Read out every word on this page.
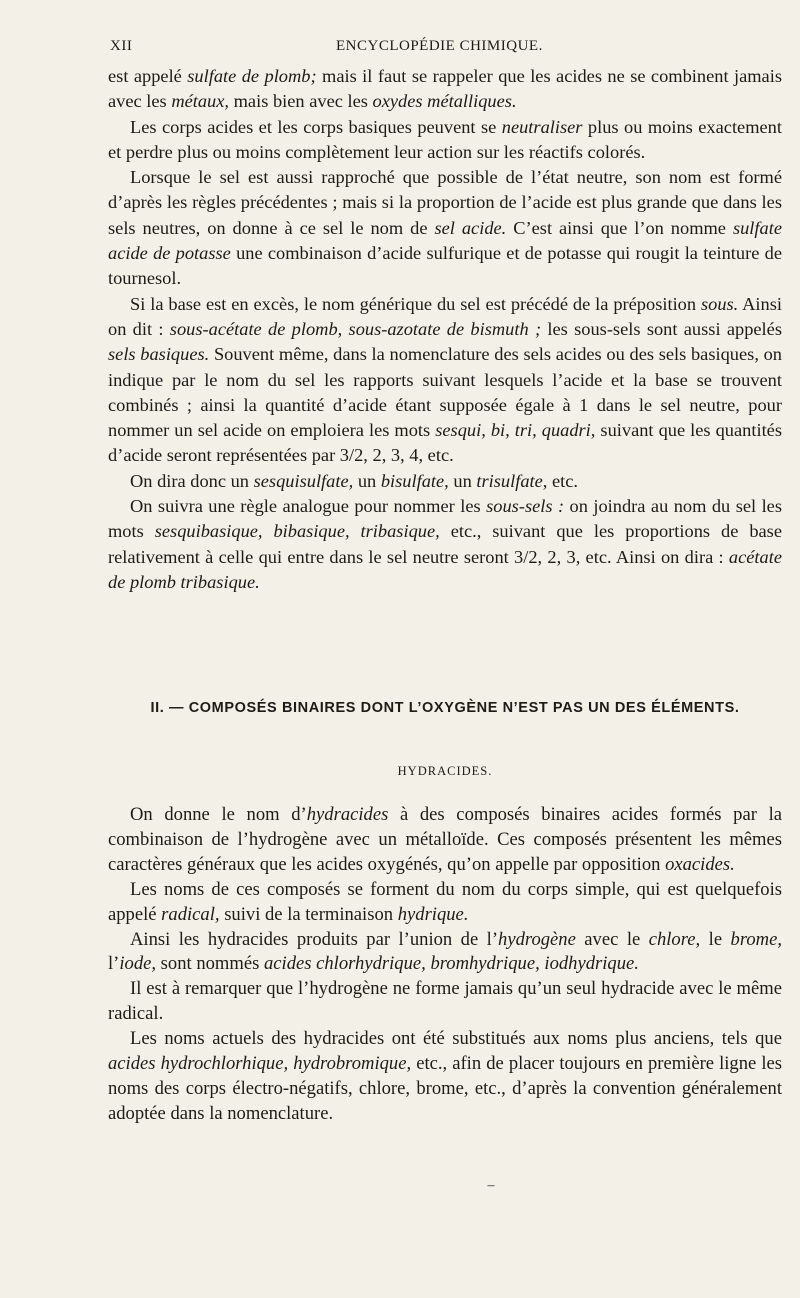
XII	ENCYCLOPÉDIE CHIMIQUE.

est appelé sulfate de plomb; mais il faut se rappeler que les acides ne se combinent jamais avec les métaux, mais bien avec les oxydes métalliques.

Les corps acides et les corps basiques peuvent se neutraliser plus ou moins exactement et perdre plus ou moins complètement leur action sur les réactifs colorés.

Lorsque le sel est aussi rapproché que possible de l’état neutre, son nom est formé d’après les règles précédentes ; mais si la proportion de l’acide est plus grande que dans les sels neutres, on donne à ce sel le nom de sel acide. C’est ainsi que l’on nomme sulfate acide de potasse une combinaison d’acide sulfurique et de potasse qui rougit la teinture de tournesol.

Si la base est en excès, le nom générique du sel est précédé de la préposition sous. Ainsi on dit : sous-acétate de plomb, sous-azotate de bismuth ; les sous-sels sont aussi appelés sels basiques. Souvent même, dans la nomenclature des sels acides ou des sels basiques, on indique par le nom du sel les rapports suivant lesquels l’acide et la base se trouvent combinés ; ainsi la quantité d’acide étant supposée égale à 1 dans le sel neutre, pour nommer un sel acide on emploiera les mots sesqui, bi, tri, quadri, suivant que les quantités d’acide seront représentées par 3/2, 2, 3, 4, etc.

On dira donc un sesquisulfate, un bisulfate, un trisulfate, etc.

On suivra une règle analogue pour nommer les sous-sels : on joindra au nom du sel les mots sesquibasique, bibasique, tribasique, etc., suivant que les proportions de base relativement à celle qui entre dans le sel neutre seront 3/2, 2, 3, etc. Ainsi on dira : acétate de plomb tribasique.

II. — COMPOSÉS BINAIRES DONT L’OXYGÈNE N’EST PAS UN DES ÉLÉMENTS.
HYDRACIDES.

On donne le nom d’hydracides à des composés binaires acides formés par la combinaison de l’hydrogène avec un métalloïde. Ces composés présentent les mêmes caractères généraux que les acides oxygénés, qu’on appelle par opposition oxacides.

Les noms de ces composés se forment du nom du corps simple, qui est quelquefois appelé radical, suivi de la terminaison hydrique.

Ainsi les hydracides produits par l’union de l’hydrogène avec le chlore, le brome, l’iode, sont nommés acides chlorhydrique, bromhydrique, iodhydrique.

Il est à remarquer que l’hydrogène ne forme jamais qu’un seul hydracide avec le même radical.

Les noms actuels des hydracides ont été substitués aux noms plus anciens, tels que acides hydrochlorhique, hydrobromique, etc., afin de placer toujours en première ligne les noms des corps électro-négatifs, chlore, brome, etc., d’après la convention généralement adoptée dans la nomenclature.

–
